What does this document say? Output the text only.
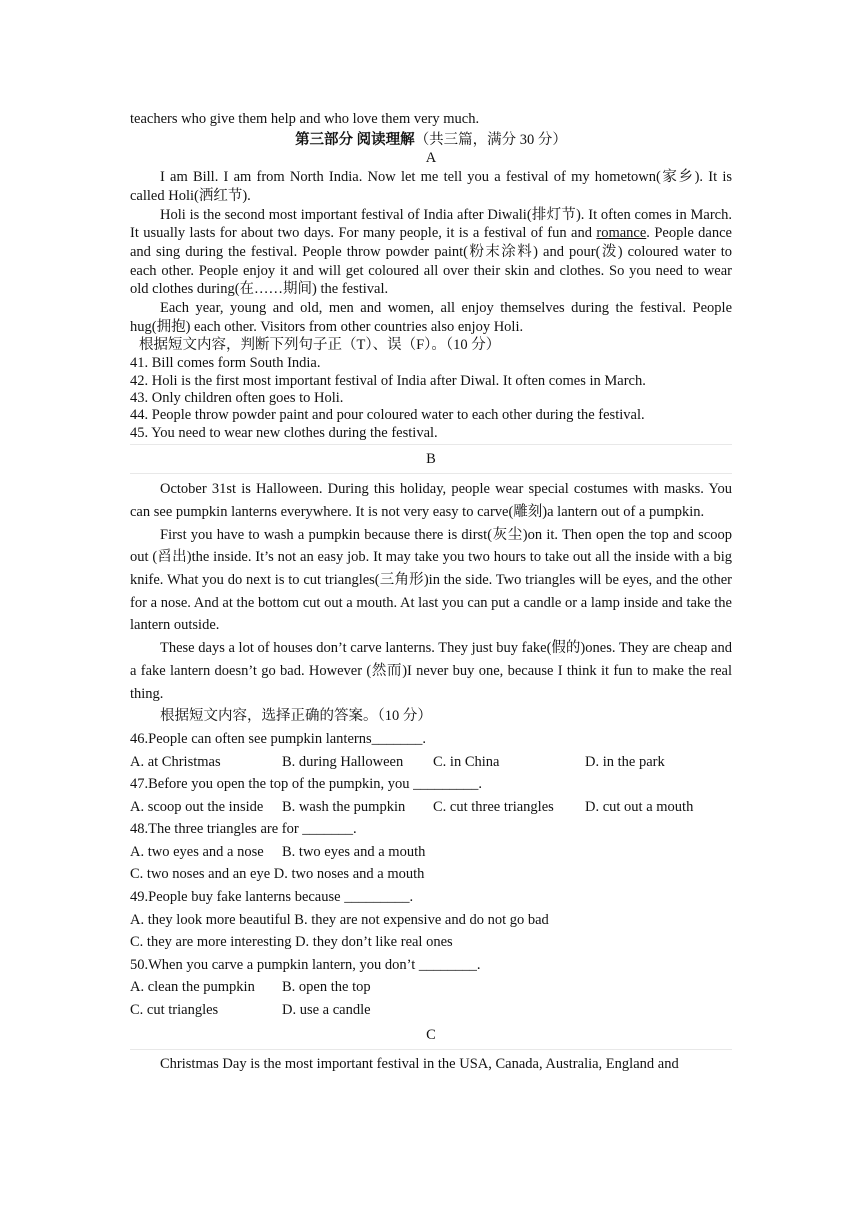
teachers who give them help and who love them very much.

第三部分 阅读理解（共三篇，满分 30 分）

A

I am Bill. I am from North India. Now let me tell you a festival of my hometown(家乡). It is called Holi(洒红节).

Holi is the second most important festival of India after Diwali(排灯节). It often comes in March. It usually lasts for about two days. For many people, it is a festival of fun and romance. People dance and sing during the festival. People throw powder paint(粉末涂料) and pour(泼) coloured water to each other. People enjoy it and will get coloured all over their skin and clothes. So you need to wear old clothes during(在……期间) the festival.

Each year, young and old, men and women, all enjoy themselves during the festival. People hug(拥抱) each other. Visitors from other countries also enjoy Holi.

根据短文内容，判断下列句子正（T）、误（F）。（10 分）

41. Bill comes form South India.
42. Holi is the first most important festival of India after Diwal. It often comes in March.
43. Only children often goes to Holi.
44. People throw powder paint and pour coloured water to each other during the festival.
45. You need to wear new clothes during the festival.

B

October 31st is Halloween. During this holiday, people wear special costumes with masks. You can see pumpkin lanterns everywhere. It is not very easy to carve(雕刻)a lantern out of a pumpkin.

First you have to wash a pumpkin because there is dirst(灰尘)on it. Then open the top and scoop out (舀出)the inside. It’s not an easy job. It may take you two hours to take out all the inside with a big knife. What you do next is to cut triangles(三角形)in the side. Two triangles will be eyes, and the other for a nose. And at the bottom cut out a mouth. At last you can put a candle or a lamp inside and take the lantern outside.

These days a lot of houses don’t carve lanterns. They just buy fake(假的)ones. They are cheap and a fake lantern doesn’t go bad. However (然而)I never buy one, because I think it fun to make the real thing.

根据短文内容，选择正确的答案。（10 分）

46.People can often see pumpkin lanterns_______.

A. at Christmas	B. during Halloween	C. in China	D. in the park

47.Before you open the top of the pumpkin, you _________.

A. scoop out the inside	B. wash the pumpkin	C. cut three triangles	D. cut out a mouth

48.The three triangles are for _______.

A. two eyes and a nose	B. two eyes and a mouth

C. two noses and an eye D. two noses and a mouth

49.People buy fake lanterns because _________.

A. they look more beautiful B. they are not expensive and do not go bad

C. they are more interesting D. they don’t like real ones

50.When you carve a pumpkin lantern, you don’t ________.

A. clean the pumpkin	B. open the top
C. cut triangles	D. use a candle

C

Christmas Day is the most important festival in the USA, Canada, Australia, England and
